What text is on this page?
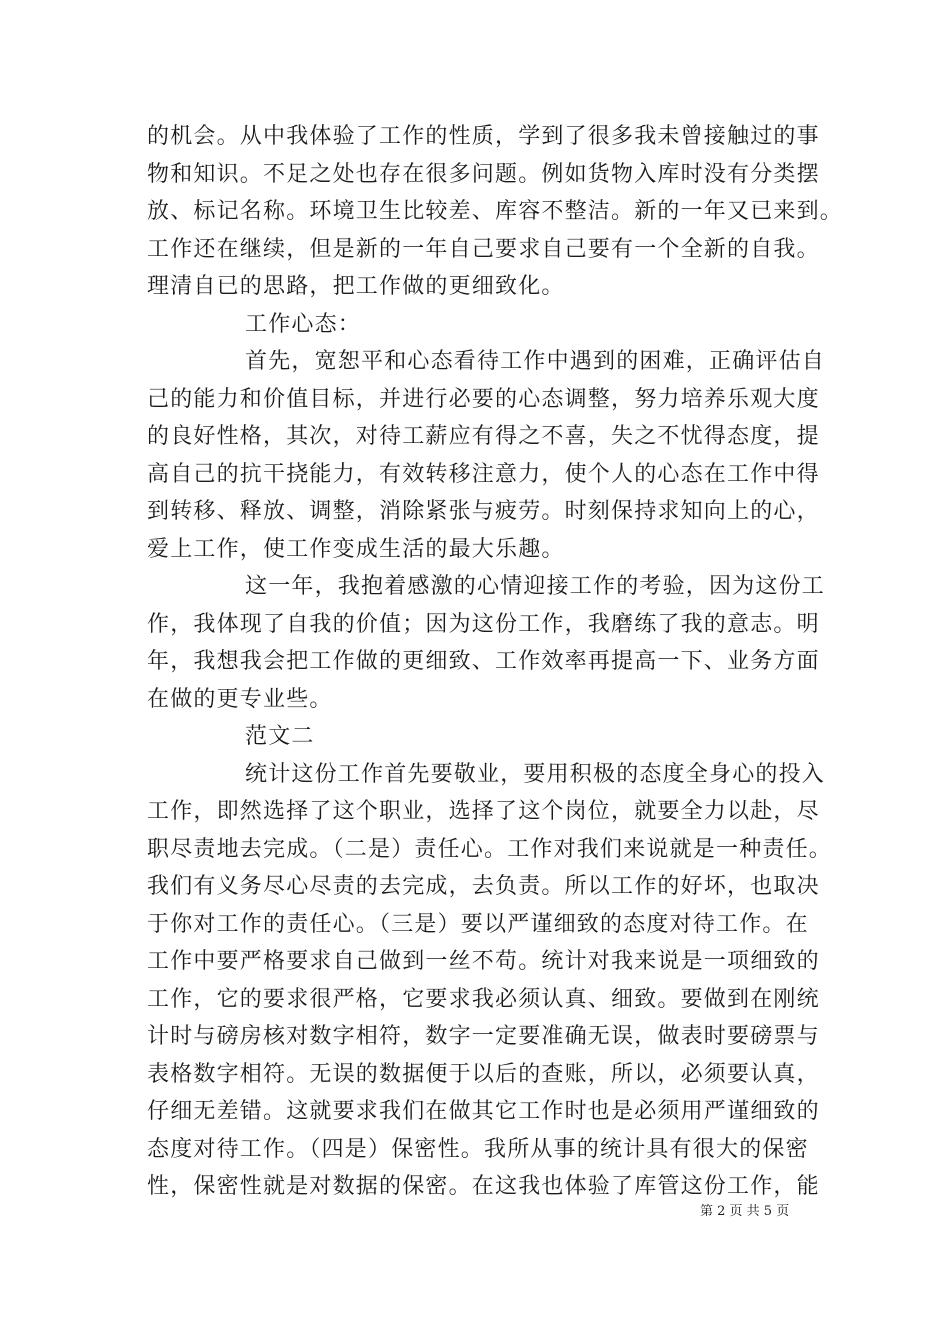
的机会。从中我体验了工作的性质，学到了很多我未曾接触过的事
物和知识。不足之处也存在很多问题。例如货物入库时没有分类摆
放、标记名称。环境卫生比较差、库容不整洁。新的一年又已来到。
工作还在继续，但是新的一年自己要求自己要有一个全新的自我。
理清自已的思路，把工作做的更细致化。
工作心态：
首先，宽恕平和心态看待工作中遇到的困难，正确评估自
己的能力和价值目标，并进行必要的心态调整，努力培养乐观大度
的良好性格，其次，对待工薪应有得之不喜，失之不忧得态度，提
高自己的抗干挠能力，有效转移注意力，使个人的心态在工作中得
到转移、释放、调整，消除紧张与疲劳。时刻保持求知向上的心，
爱上工作，使工作变成生活的最大乐趣。
这一年，我抱着感激的心情迎接工作的考验，因为这份工
作，我体现了自我的价值；因为这份工作，我磨练了我的意志。明
年，我想我会把工作做的更细致、工作效率再提高一下、业务方面
在做的更专业些。
范文二
统计这份工作首先要敬业，要用积极的态度全身心的投入
工作，即然选择了这个职业，选择了这个岗位，就要全力以赴，尽
职尽责地去完成。（二是）责任心。工作对我们来说就是一种责任。
我们有义务尽心尽责的去完成，去负责。所以工作的好坏，也取决
于你对工作的责任心。（三是）要以严谨细致的态度对待工作。在
工作中要严格要求自己做到一丝不苟。统计对我来说是一项细致的
工作，它的要求很严格，它要求我必须认真、细致。要做到在刚统
计时与磅房核对数字相符，数字一定要准确无误，做表时要磅票与
表格数字相符。无误的数据便于以后的查账，所以，必须要认真，
仔细无差错。这就要求我们在做其它工作时也是必须用严谨细致的
态度对待工作。（四是）保密性。我所从事的统计具有很大的保密
性，保密性就是对数据的保密。在这我也体验了库管这份工作，能
第 2 页 共 5 页
